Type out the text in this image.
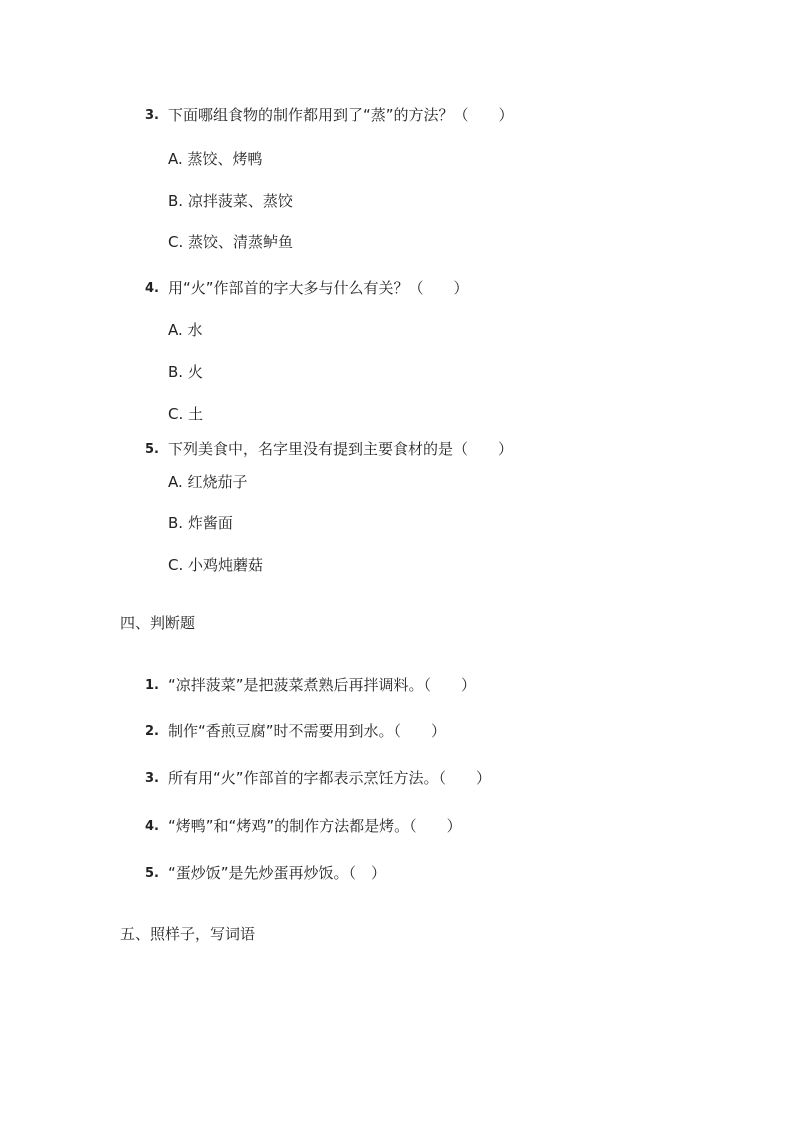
3. 下面哪组食物的制作都用到了“蒸”的方法？（　　）
A. 蒸饺、烤鸭
B. 凉拌菠菜、蒸饺
C. 蒸饺、清蒸鲈鱼
4. 用“火”作部首的字大多与什么有关？（　　）
A. 水
B. 火
C. 土
5. 下列美食中，名字里没有提到主要食材的是（　　）
A. 红烧茄子
B. 炸酱面
C. 小鸡炖蘑菇
四、判断题
1. “凉拌菠菜”是把菠菜煮熟后再拌调料。（　　）
2. 制作“香煎豆腐”时不需要用到水。（　　）
3. 所有用“火”作部首的字都表示烹饪方法。（　　）
4. “烤鸭”和“烤鸡”的制作方法都是烤。（　　）
5. “蛋炒饭”是先炒蛋再炒饭。（　）
五、照样子，写词语
